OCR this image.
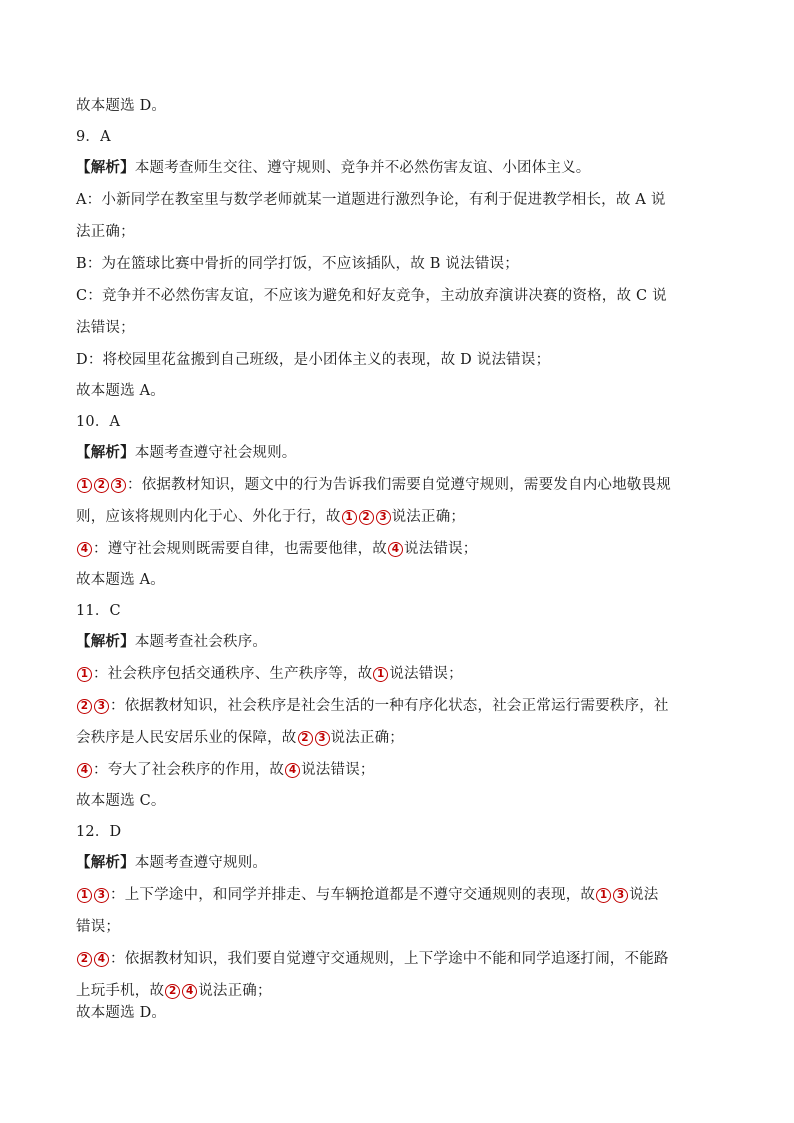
故本题选 D。
9．A
【解析】本题考查师生交往、遵守规则、竞争并不必然伤害友谊、小团体主义。
A：小新同学在教室里与数学老师就某一道题进行激烈争论，有利于促进教学相长，故 A 说
法正确；
B：为在篮球比赛中骨折的同学打饭，不应该插队，故 B 说法错误；
C：竞争并不必然伤害友谊，不应该为避免和好友竞争，主动放弃演讲决赛的资格，故 C 说
法错误；
D：将校园里花盆搬到自己班级，是小团体主义的表现，故 D 说法错误；
故本题选 A。
10．A
【解析】本题考查遵守社会规则。
1 2 3 ：依据教材知识，题文中的行为告诉我们需要自觉遵守规则，需要发自内心地敬畏规
则，应该将规则内化于心、外化于行，故 1 2 3 说法正确；
4 ：遵守社会规则既需要自律，也需要他律，故 4 说法错误；
故本题选 A。
11．C
【解析】本题考查社会秩序。
1 ：社会秩序包括交通秩序、生产秩序等，故 1 说法错误；
2 3 ：依据教材知识，社会秩序是社会生活的一种有序化状态，社会正常运行需要秩序，社
会秩序是人民安居乐业的保障，故 2 3 说法正确；
4 ：夸大了社会秩序的作用，故 4 说法错误；
故本题选 C。
12．D
【解析】本题考查遵守规则。
1 3 ：上下学途中，和同学并排走、与车辆抢道都是不遵守交通规则的表现，故 1 3 说法
错误；
2 4 ：依据教材知识，我们要自觉遵守交通规则，上下学途中不能和同学追逐打闹，不能路
上玩手机，故 2 4 说法正确；
故本题选 D。
